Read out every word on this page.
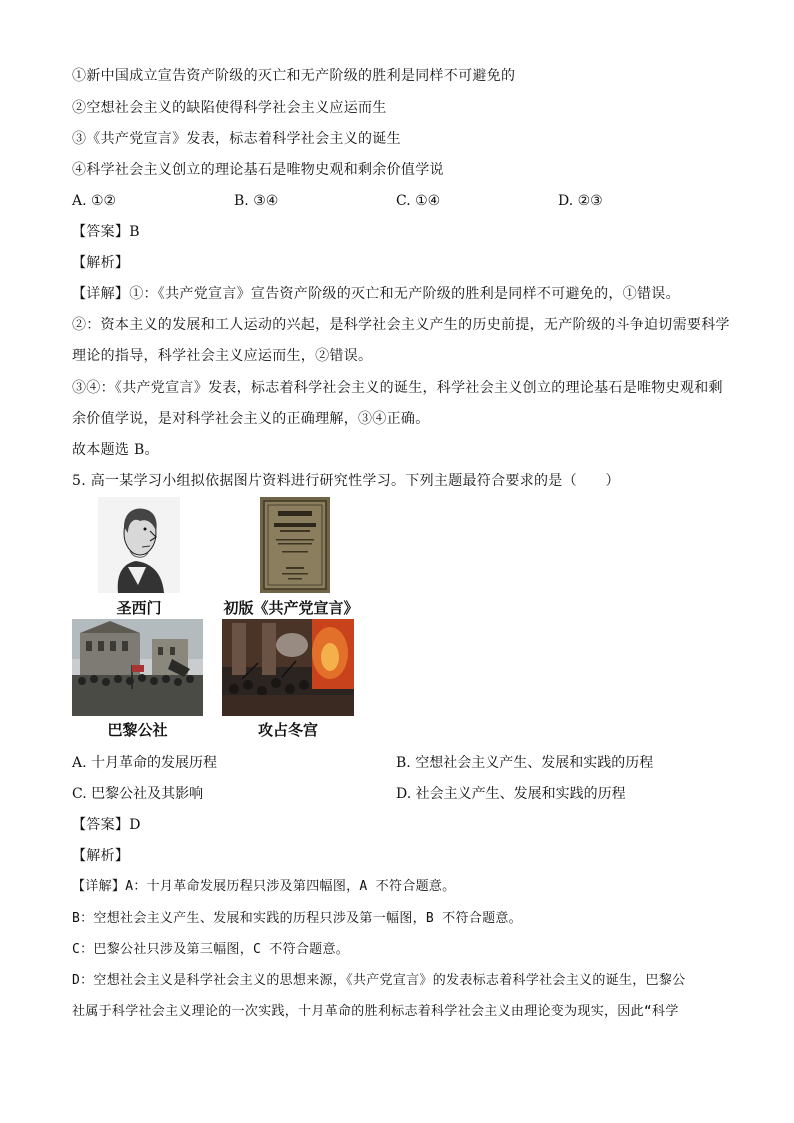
①新中国成立宣告资产阶级的灭亡和无产阶级的胜利是同样不可避免的
②空想社会主义的缺陷使得科学社会主义应运而生
③《共产党宣言》发表，标志着科学社会主义的诞生
④科学社会主义创立的理论基石是唯物史观和剩余价值学说
A. ①②	B. ③④	C. ①④	D. ②③
【答案】B
【解析】
【详解】①：《共产党宣言》宣告资产阶级的灭亡和无产阶级的胜利是同样不可避免的，①错误。
②：资本主义的发展和工人运动的兴起，是科学社会主义产生的历史前提，无产阶级的斗争迫切需要科学
理论的指导，科学社会主义应运而生，②错误。
③④：《共产党宣言》发表，标志着科学社会主义的诞生，科学社会主义创立的理论基石是唯物史观和剩
余价值学说，是对科学社会主义的正确理解，③④正确。
故本题选 B。
5. 高一某学习小组拟依据图片资料进行研究性学习。下列主题最符合要求的是（　　）
圣西门	初版《共产党宣言》
巴黎公社	攻占冬宫
A. 十月革命的发展历程	B. 空想社会主义产生、发展和实践的历程
C. 巴黎公社及其影响	D. 社会主义产生、发展和实践的历程
【答案】D
【解析】
【详解】A：十月革命发展历程只涉及第四幅图，A 不符合题意。
B：空想社会主义产生、发展和实践的历程只涉及第一幅图，B 不符合题意。
C：巴黎公社只涉及第三幅图，C 不符合题意。
D：空想社会主义是科学社会主义的思想来源，《共产党宣言》的发表标志着科学社会主义的诞生，巴黎公
社属于科学社会主义理论的一次实践，十月革命的胜利标志着科学社会主义由理论变为现实，因此“科学
